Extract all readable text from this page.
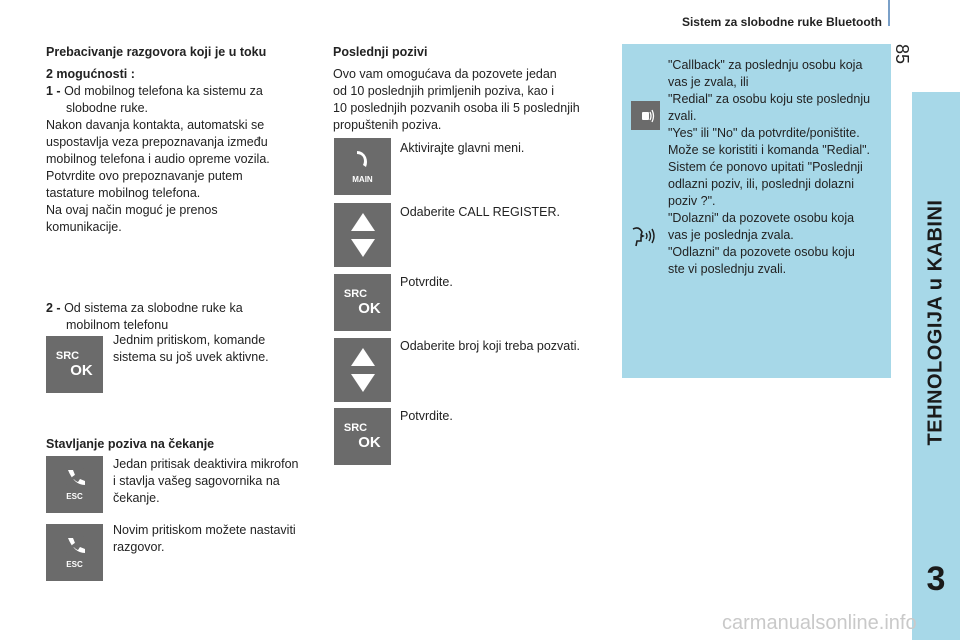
Sistem za slobodne ruke Bluetooth
85
TEHNOLOGIJA u KABINI
3
Prebacivanje razgovora koji je u toku
2 mogućnosti :
1 - Od mobilnog telefona ka sistemu za
slobodne ruke.
Nakon davanja kontakta, automatski se
uspostavlja veza prepoznavanja između
mobilnog telefona i audio opreme vozila.
Potvrdite ovo prepoznavanje putem
tastature mobilnog telefona.
Na ovaj način moguć je prenos
komunikacije.
2 - Od sistema za slobodne ruke ka
mobilnom telefonu
SRC
OK
Jednim pritiskom, komande
sistema su još uvek aktivne.
Stavljanje poziva na čekanje
ESC
Jedan pritisak deaktivira mikrofon
i stavlja vašeg sagovornika na
čekanje.
ESC
Novim pritiskom možete nastaviti
razgovor.
Poslednji pozivi
Ovo vam omogućava da pozovete jedan
od 10 poslednjih primljenih poziva, kao i
10 poslednjih pozvanih osoba ili 5 poslednjih
propuštenih poziva.
MAIN
Aktivirajte glavni meni.
Odaberite CALL REGISTER.
SRC
OK
Potvrdite.
Odaberite broj koji treba pozvati.
SRC
OK
Potvrdite.
"Callback" za poslednju osobu koja
vas je zvala, ili
"Redial" za osobu koju ste poslednju
zvali.
"Yes" ili "No" da potvrdite/poništite.
Može se koristiti i komanda "Redial".
Sistem će ponovo upitati "Poslednji
odlazni poziv, ili, poslednji dolazni
poziv ?".
"Dolazni" da pozovete osobu koja
vas je poslednja zvala.
"Odlazni" da pozovete osobu koju
ste vi poslednju zvali.
carmanualsonline.info
